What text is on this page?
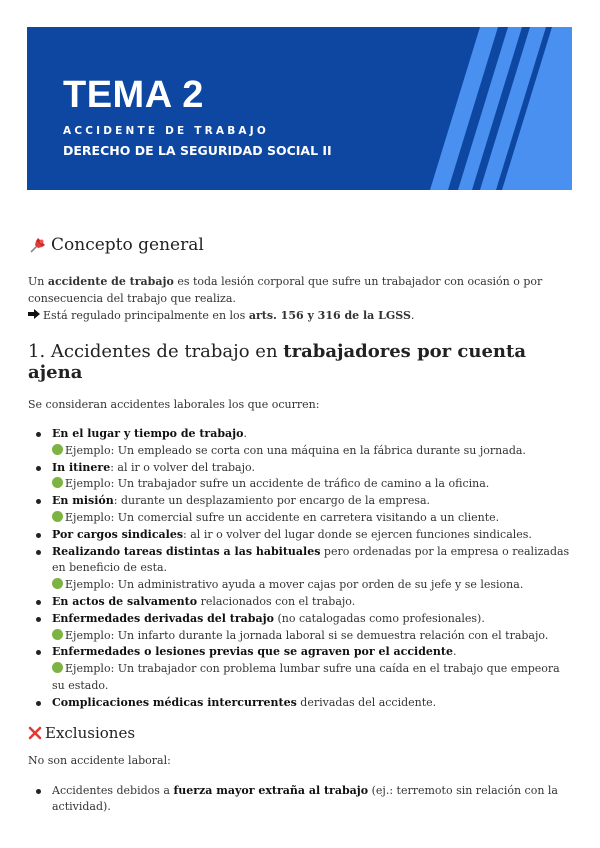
TEMA 2
ACCIDENTE DE TRABAJO
DERECHO DE LA SEGURIDAD SOCIAL II
Concepto general

Un accidente de trabajo es toda lesión corporal que sufre un trabajador con ocasión o por consecuencia del trabajo que realiza.

Está regulado principalmente en los arts. 156 y 316 de la LGSS.

1. Accidentes de trabajo en trabajadores por cuenta ajena

Se consideran accidentes laborales los que ocurren:

En el lugar y tiempo de trabajo.
Ejemplo: Un empleado se corta con una máquina en la fábrica durante su jornada.
In itinere: al ir o volver del trabajo.
Ejemplo: Un trabajador sufre un accidente de tráfico de camino a la oficina.
En misión: durante un desplazamiento por encargo de la empresa.
Ejemplo: Un comercial sufre un accidente en carretera visitando a un cliente.
Por cargos sindicales: al ir o volver del lugar donde se ejercen funciones sindicales.
Realizando tareas distintas a las habituales pero ordenadas por la empresa o realizadas en beneficio de esta.
Ejemplo: Un administrativo ayuda a mover cajas por orden de su jefe y se lesiona.
En actos de salvamento relacionados con el trabajo.
Enfermedades derivadas del trabajo (no catalogadas como profesionales).
Ejemplo: Un infarto durante la jornada laboral si se demuestra relación con el trabajo.
Enfermedades o lesiones previas que se agraven por el accidente.
Ejemplo: Un trabajador con problema lumbar sufre una caída en el trabajo que empeora su estado.
Complicaciones médicas intercurrentes derivadas del accidente.
Exclusiones

No son accidente laboral:

Accidentes debidos a fuerza mayor extraña al trabajo (ej.: terremoto sin relación con la actividad).
